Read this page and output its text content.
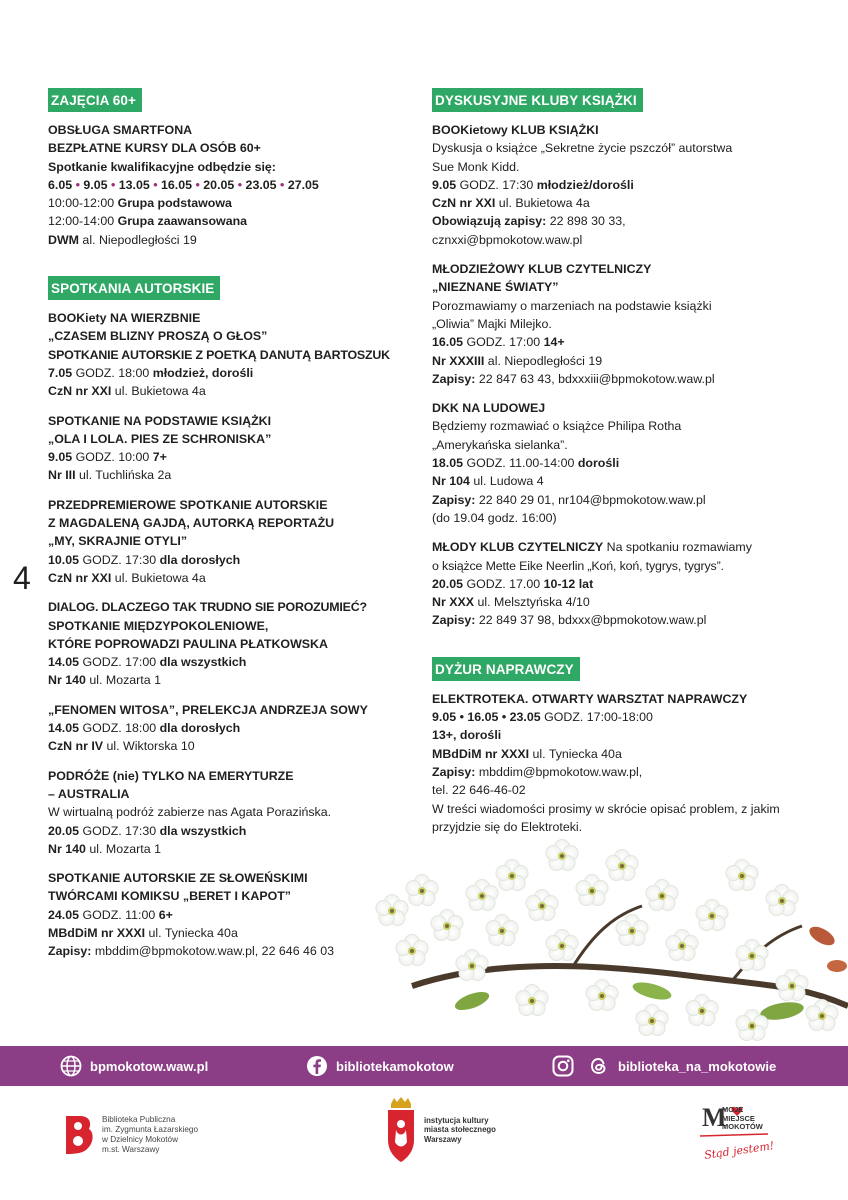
4
ZAJĘCIA 60+
OBSŁUGA SMARTFONA
BEZPŁATNE KURSY DLA OSÓB 60+
Spotkanie kwalifikacyjne odbędzie się:
6.05 • 9.05 • 13.05 • 16.05 • 20.05 • 23.05 • 27.05
10:00-12:00 Grupa podstawowa
12:00-14:00 Grupa zaawansowana
DWM al. Niepodległości 19
SPOTKANIA AUTORSKIE
BOOKiety NA WIERZBNIE
„CZASEM BLIZNY PROSZĄ O GŁOS”
SPOTKANIE AUTORSKIE Z POETKĄ DANUTĄ BARTOSZUK
7.05 GODZ. 18:00 młodzież, dorośli
CzN nr XXI ul. Bukietowa 4a
SPOTKANIE NA PODSTAWIE KSIĄŻKI
„OLA I LOLA. PIES ZE SCHRONISKA”
9.05 GODZ. 10:00 7+
Nr III ul. Tuchlińska 2a
PRZEDPREMIEROWE SPOTKANIE AUTORSKIE
Z MAGDALENĄ GAJDĄ, AUTORKĄ REPORTAŻU
„MY, SKRAJNIE OTYLI”
10.05 GODZ. 17:30 dla dorosłych
CzN nr XXI ul. Bukietowa 4a
DIALOG. DLACZEGO TAK TRUDNO SIE POROZUMIEĆ?
SPOTKANIE MIĘDZYPOKOLENIOWE,
KTÓRE POPROWADZI PAULINA PŁATKOWSKA
14.05 GODZ. 17:00 dla wszystkich
Nr 140 ul. Mozarta 1
„FENOMEN WITOSA”, PRELEKCJA ANDRZEJA SOWY
14.05 GODZ. 18:00 dla dorosłych
CzN nr IV ul. Wiktorska 10
PODRÓŻE (nie) TYLKO NA EMERYTURZE
– AUSTRALIA
W wirtualną podróż zabierze nas Agata Porazińska.
20.05 GODZ. 17:30 dla wszystkich
Nr 140 ul. Mozarta 1
SPOTKANIE AUTORSKIE ZE SŁOWEŃSKIMI
TWÓRCAMI KOMIKSU „BERET I KAPOT”
24.05 GODZ. 11:00 6+
MBdDiM nr XXXI ul. Tyniecka 40a
Zapisy: mbddim@bpmokotow.waw.pl, 22 646 46 03
DYSKUSYJNE KLUBY KSIĄŻKI
BOOKietowy KLUB KSIĄŻKI
Dyskusja o książce „Sekretne życie pszczół” autorstwa
Sue Monk Kidd.
9.05 GODZ. 17:30 młodzież/dorośli
CzN nr XXI ul. Bukietowa 4a
Obowiązują zapisy: 22 898 30 33,
cznxxi@bpmokotow.waw.pl
MŁODZIEŻOWY KLUB CZYTELNICZY
„NIEZNANE ŚWIATY”
Porozmawiamy o marzeniach na podstawie książki
„Oliwia” Majki Milejko.
16.05 GODZ. 17:00 14+
Nr XXXIII al. Niepodległości 19
Zapisy: 22 847 63 43, bdxxxiii@bpmokotow.waw.pl
DKK NA LUDOWEJ
Będziemy rozmawiać o książce Philipa Rotha
„Amerykańska sielanka”.
18.05 GODZ. 11.00-14:00 dorośli
Nr 104 ul. Ludowa 4
Zapisy: 22 840 29 01, nr104@bpmokotow.waw.pl
(do 19.04 godz. 16:00)
MŁODY KLUB CZYTELNICZY Na spotkaniu rozmawiamy
o książce Mette Eike Neerlin „Koń, koń, tygrys, tygrys”.
20.05 GODZ. 17.00 10-12 lat
Nr XXX ul. Melsztyńska 4/10
Zapisy: 22 849 37 98, bdxxx@bpmokotow.waw.pl
DYŻUR NAPRAWCZY
ELEKTROTEKA. OTWARTY WARSZTAT NAPRAWCZY
9.05 • 16.05 • 23.05 GODZ. 17:00-18:00
13+, dorośli
MBdDiM nr XXXI ul. Tyniecka 40a
Zapisy: mbddim@bpmokotow.waw.pl,
tel. 22 646-46-02
W treści wiadomości prosimy w skrócie opisać problem, z jakim przyjdzie się do Elektroteki.
bpmokotow.waw.pl	bibliotekamokotow	biblioteka_na_mokotowie
Biblioteka Publiczna
im. Zygmunta Łazarskiego
w Dzielnicy Mokotów
m.st. Warszawy
instytucja kultury
miasta stołecznego
Warszawy
M
MOJE MIEJSCE MOKOTÓW
Stąd jestem!
